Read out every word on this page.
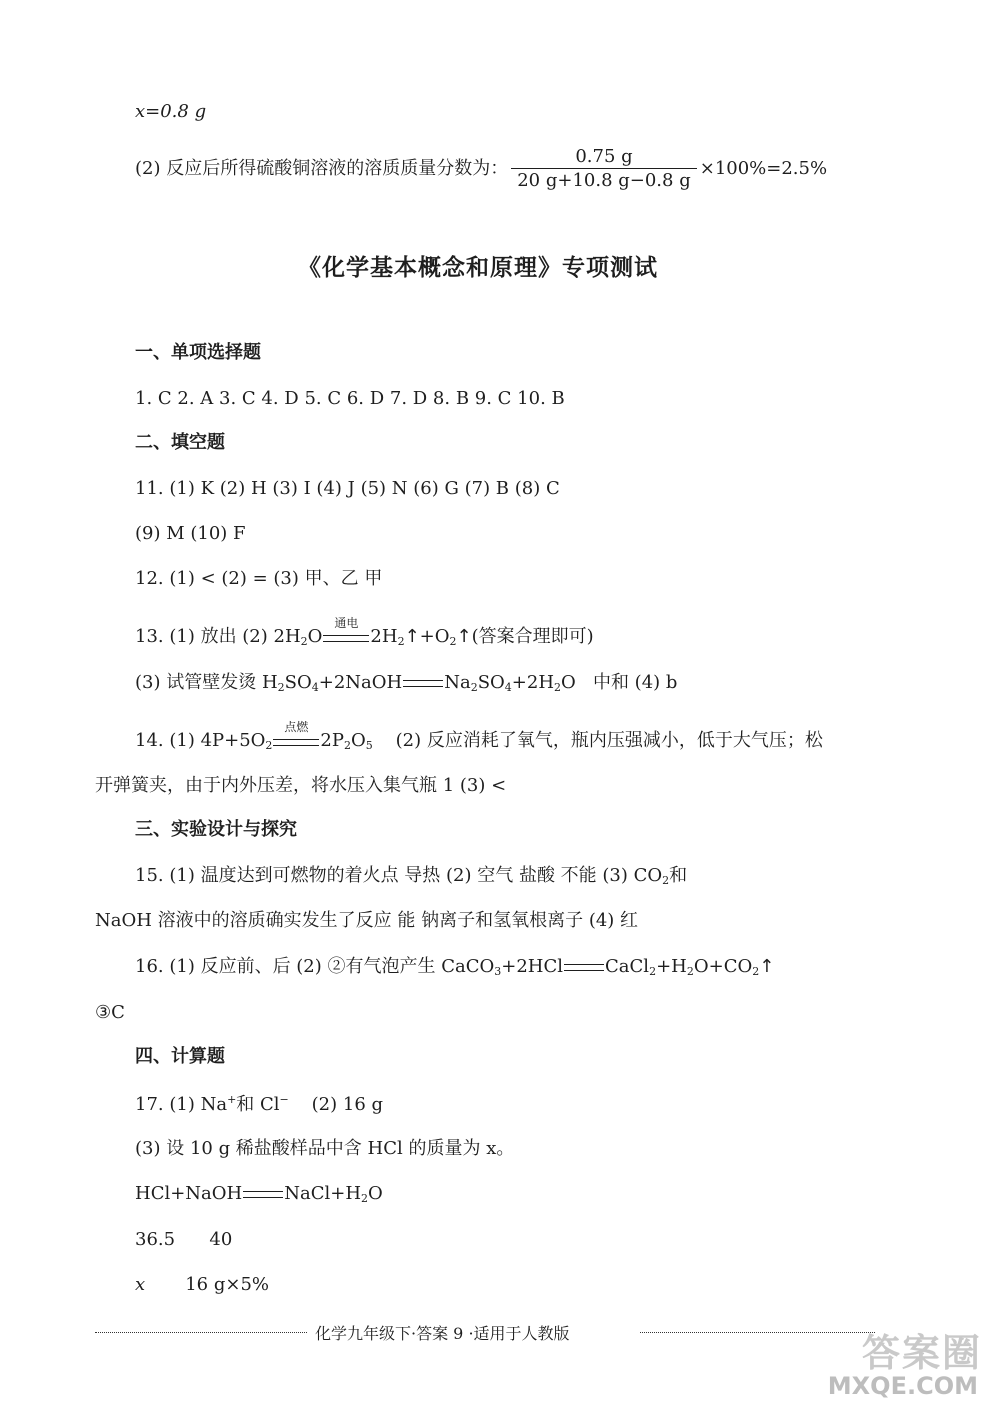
x=0.8 g
(2) 反应后所得硫酸铜溶液的溶质质量分数为： $\frac{0.75 g}{20 g+10.8 g-0.8 g} \times 100\%=2.5\%$
《化学基本概念和原理》专项测试
一、单项选择题
1. C 2. A 3. C 4. D 5. C 6. D 7. D 8. B 9. C 10. B
二、填空题
11. (1) K (2) H (3) I (4) J (5) N (6) G (7) B (8) C
(9) M (10) F
12. (1) < (2) = (3) 甲、乙 甲
13. (1) 放出 (2) $2H_2O$
通电
$2H_2↑+O_2↑$(答案合理即可)
(3) 试管壁发烫 $H_2SO_4+2NaOH$ $Na_2SO_4+2H_2O$   中和 (4) b
14. (1) $4P+5O_2$
点燃
$2P_2O_5$ (2) 反应消耗了氧气，瓶内压强减小，低于大气压；松
开弹簧夹，由于内外压差，将水压入集气瓶 1 (3) <
三、实验设计与探究
15. (1) 温度达到可燃物的着火点 导热 (2) 空气 盐酸 不能 (3) $CO_2$和
NaOH 溶液中的溶质确实发生了反应 能 钠离子和氢氧根离子 (4) 红
16. (1) 反应前、后 (2) ②有气泡产生 CaCO$_3$+2HCl $CaCl_2+H_2O+CO_2↑$
③C
四、计算题
17. (1) Na+和 Cl− (2) 16 g
(3) 设 10 g 稀盐酸样品中含 HCl 的质量为 x。
HCl+NaOH $NaCl+H_2O$
36.5      40
x 16 g×5%
化学九年级下·答案 9 ·适用于人教版	答案圈
MXQE.COM
